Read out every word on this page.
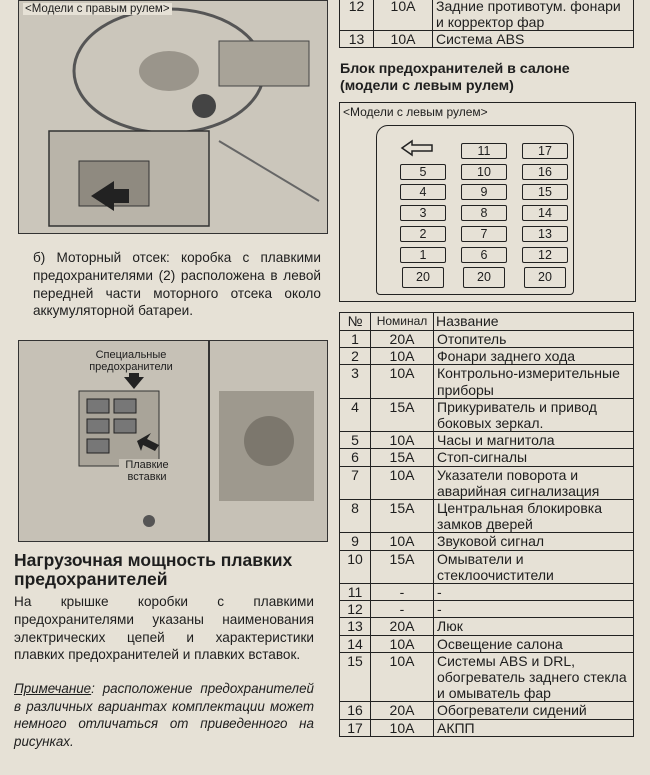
<Модели с правым рулем>
б) Моторный отсек: коробка с плавкими предохранителями (2) расположена в левой передней части моторного отсека около аккумуляторной батареи.
Специальные предохранители
Плавкие вставки
Нагрузочная мощность плавких предохранителей
На крышке коробки с плавкими предохранителями указаны наименования электрических цепей и характеристики плавких предохранителей и плавких вставок.
Примечание: расположение предохранителей в различных вариантах комплектации может немного отличаться от приведенного на рисунках.
12	10A	Задние противотум. фонари и корректор фар
13	10A	Система ABS
Блок предохранителей в салоне (модели с левым рулем)
<Модели с левым рулем>
5
4
3
2
1
11
10
9
8
7
6
17
16
15
14
13
12
20	20	20
№	Номинал	Название
1	20A	Отопитель
2	10A	Фонари заднего хода
3	10A	Контрольно-измерительные приборы
4	15A	Прикуриватель и привод боковых зеркал.
5	10A	Часы и магнитола
6	15A	Стоп-сигналы
7	10A	Указатели поворота и аварийная сигнализация
8	15A	Центральная блокировка замков дверей
9	10A	Звуковой сигнал
10	15A	Омыватели и стеклоочистители
11	-	-
12	-	-
13	20A	Люк
14	10A	Освещение салона
15	10A	Системы ABS и DRL, обогреватель заднего стекла и омыватель фар
16	20A	Обогреватели сидений
17	10A	АКПП
